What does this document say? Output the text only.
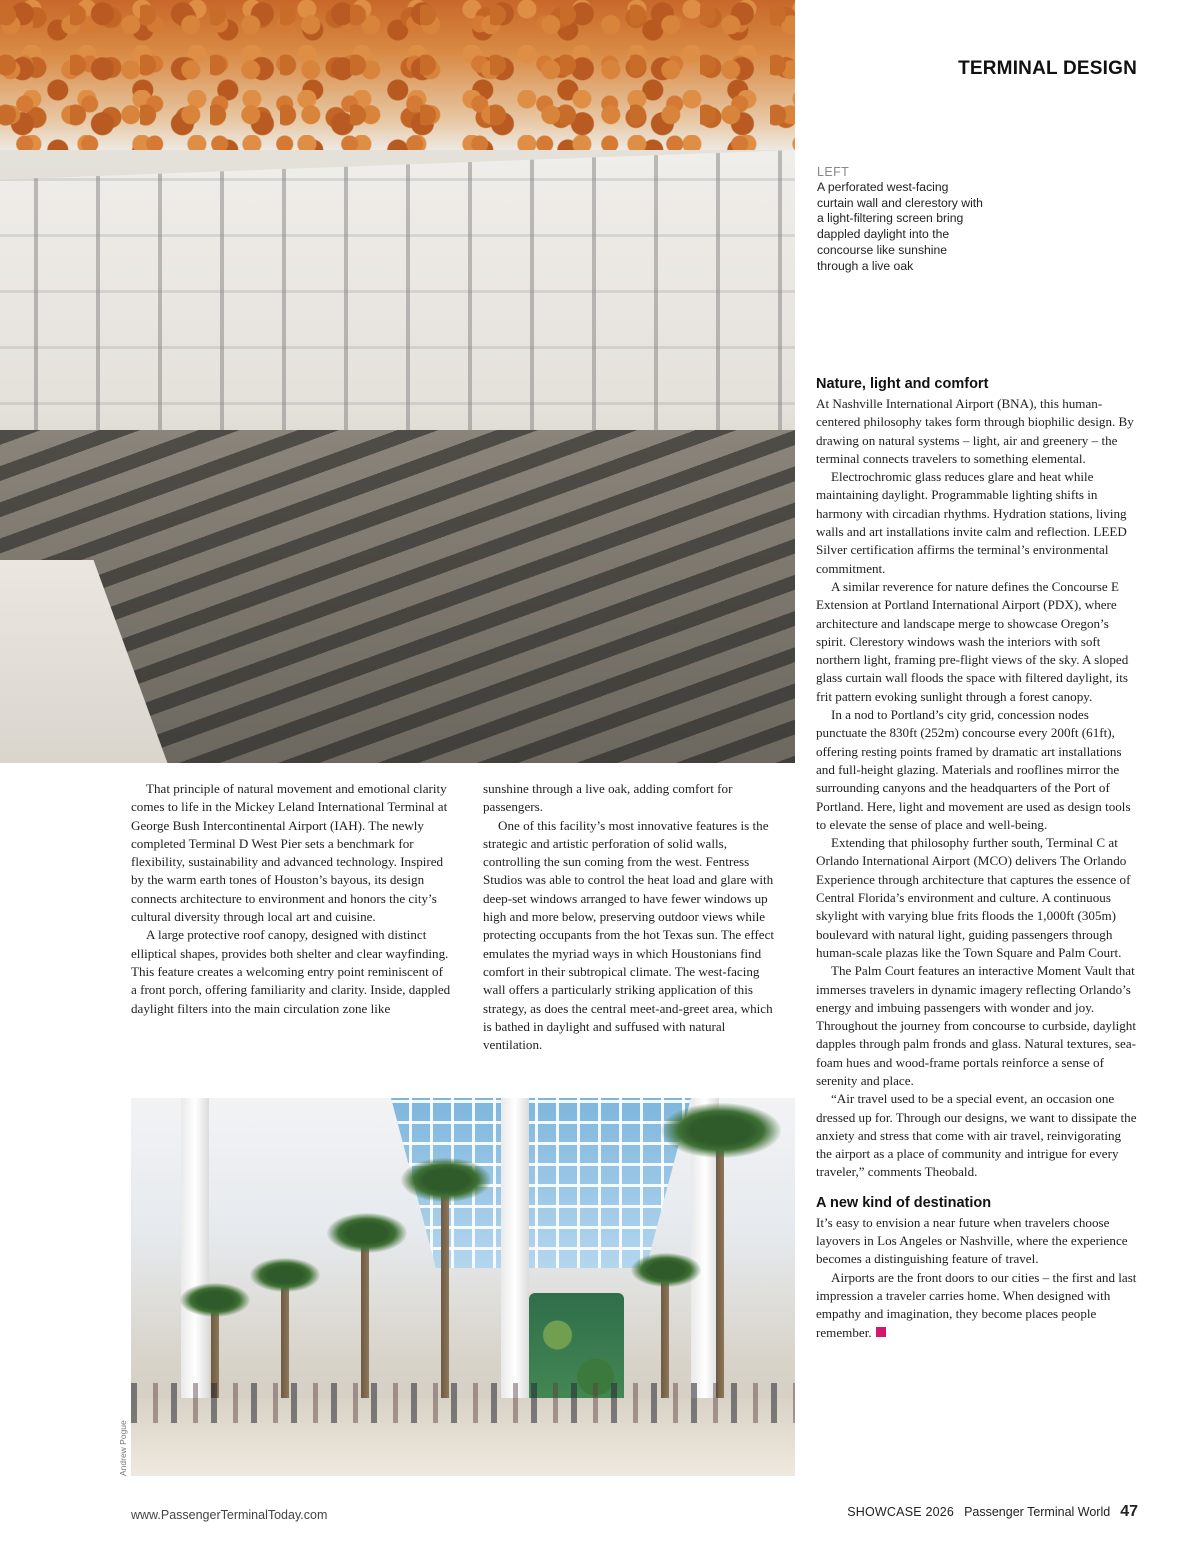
TERMINAL DESIGN
LEFT
A perforated west-facing curtain wall and clerestory with a light-filtering screen bring dappled daylight into the concourse like sunshine through a live oak
Nature, light and comfort

At Nashville International Airport (BNA), this human-centered philosophy takes form through biophilic design. By drawing on natural systems – light, air and greenery – the terminal connects travelers to something elemental.

Electrochromic glass reduces glare and heat while maintaining daylight. Programmable lighting shifts in harmony with circadian rhythms. Hydration stations, living walls and art installations invite calm and reflection. LEED Silver certification affirms the terminal’s environmental commitment.

A similar reverence for nature defines the Concourse E Extension at Portland International Airport (PDX), where architecture and landscape merge to showcase Oregon’s spirit. Clerestory windows wash the interiors with soft northern light, framing pre-flight views of the sky. A sloped glass curtain wall floods the space with filtered daylight, its frit pattern evoking sunlight through a forest canopy.

In a nod to Portland’s city grid, concession nodes punctuate the 830ft (252m) concourse every 200ft (61ft), offering resting points framed by dramatic art installations and full-height glazing. Materials and rooflines mirror the surrounding canyons and the headquarters of the Port of Portland. Here, light and movement are used as design tools to elevate the sense of place and well-being.

Extending that philosophy further south, Terminal C at Orlando International Airport (MCO) delivers The Orlando Experience through architecture that captures the essence of Central Florida’s environment and culture. A continuous skylight with varying blue frits floods the 1,000ft (305m) boulevard with natural light, guiding passengers through human-scale plazas like the Town Square and Palm Court.

The Palm Court features an interactive Moment Vault that immerses travelers in dynamic imagery reflecting Orlando’s energy and imbuing passengers with wonder and joy. Throughout the journey from concourse to curbside, daylight dapples through palm fronds and glass. Natural textures, sea-foam hues and wood-frame portals reinforce a sense of serenity and place.

“Air travel used to be a special event, an occasion one dressed up for. Through our designs, we want to dissipate the anxiety and stress that come with air travel, reinvigorating the airport as a place of community and intrigue for every traveler,” comments Theobald.

A new kind of destination

It’s easy to envision a near future when travelers choose layovers in Los Angeles or Nashville, where the experience becomes a distinguishing feature of travel.

Airports are the front doors to our cities – the first and last impression a traveler carries home. When designed with empathy and imagination, they become places people remember.

That principle of natural movement and emotional clarity comes to life in the Mickey Leland International Terminal at George Bush Intercontinental Airport (IAH). The newly completed Terminal D West Pier sets a benchmark for flexibility, sustainability and advanced technology. Inspired by the warm earth tones of Houston’s bayous, its design connects architecture to environment and honors the city’s cultural diversity through local art and cuisine.

A large protective roof canopy, designed with distinct elliptical shapes, provides both shelter and clear wayfinding. This feature creates a welcoming entry point reminiscent of a front porch, offering familiarity and clarity. Inside, dappled daylight filters into the main circulation zone like

sunshine through a live oak, adding comfort for passengers.

One of this facility’s most innovative features is the strategic and artistic perforation of solid walls, controlling the sun coming from the west. Fentress Studios was able to control the heat load and glare with deep-set windows arranged to have fewer windows up high and more below, preserving outdoor views while protecting occupants from the hot Texas sun. The effect emulates the myriad ways in which Houstonians find comfort in their subtropical climate. The west-facing wall offers a particularly striking application of this strategy, as does the central meet-and-greet area, which is bathed in daylight and suffused with natural ventilation.

Andrew Pogue
www.PassengerTerminalToday.com	SHOWCASE 2026 Passenger Terminal World 47
